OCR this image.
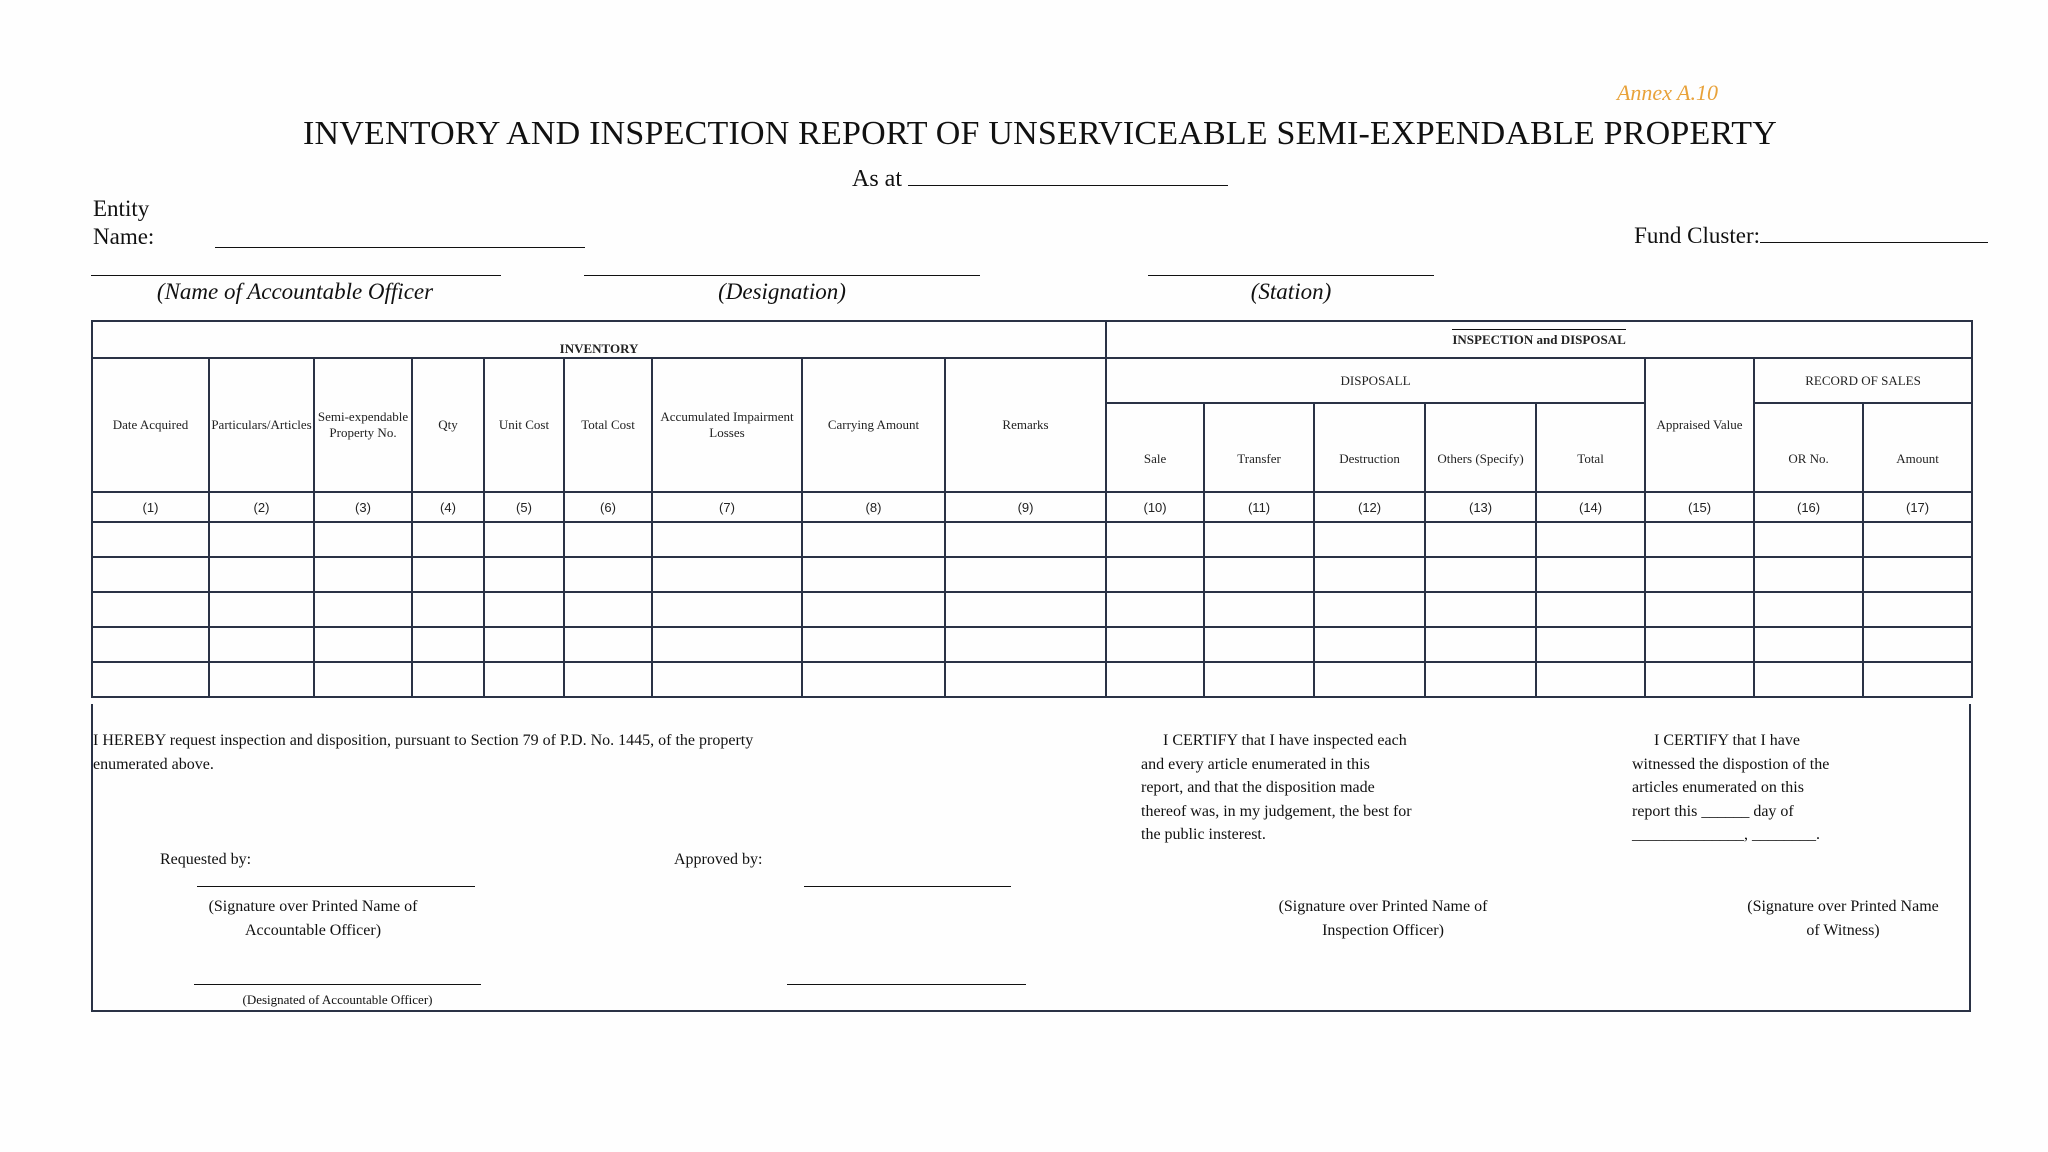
Annex A.10
INVENTORY AND INSPECTION REPORT OF UNSERVICEABLE SEMI-EXPENDABLE PROPERTY
As at
Entity
Name:	Fund Cluster:
(Name of Accountable Officer	(Designation)	(Station)
INVENTORY									INSPECTION and DISPOSAL							
Date Acquired	Particulars/Articles	Semi-expendable Property No.	Qty	Unit Cost	Total Cost	Accumulated Impairment Losses	Carrying Amount	Remarks	DISPOSALL					Appraised Value	RECORD OF SALES	
									Sale	Transfer	Destruction	Others (Specify)	Total		OR No.	Amount
(1)	(2)	(3)	(4)	(5)	(6)	(7)	(8)	(9)	(10)	(11)	(12)	(13)	(14)	(15)	(16)	(17)

I HEREBY request inspection and disposition, pursuant to Section 79 of P.D. No. 1445, of the property
enumerated above.
I CERTIFY that I have inspected each
and every article enumerated in this
report, and that the disposition made
thereof was, in my judgement, the best for
the public insterest.
I CERTIFY that I have
witnessed the dispostion of the
articles enumerated on this
report this ______ day of
______________, ________.
Requested by:	Approved by:
(Signature over Printed Name of
Accountable Officer)
(Signature over Printed Name of
Inspection Officer)
(Signature over Printed Name
of Witness)
(Designated of Accountable Officer)
